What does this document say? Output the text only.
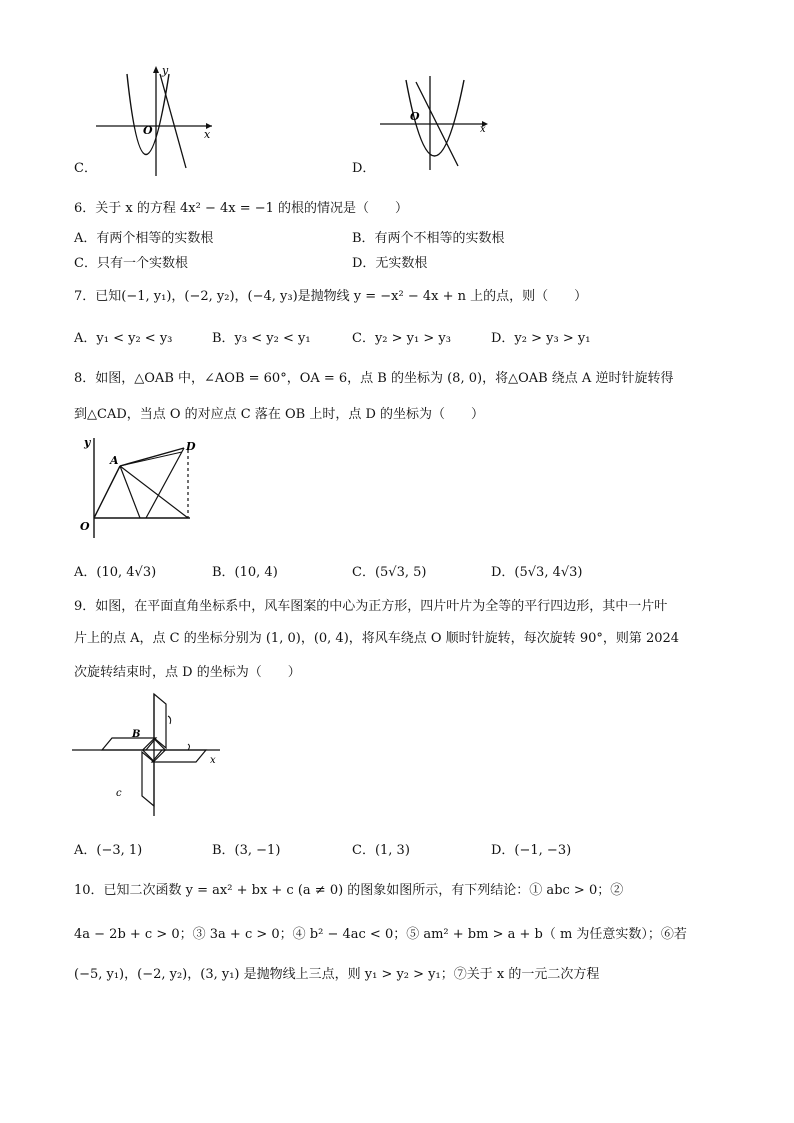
y
x
O
C．
O
x
D．
6．关于 x 的方程 4x² − 4x = −1 的根的情况是（　　）
A．有两个相等的实数根	B．有两个不相等的实数根
C．只有一个实数根	D．无实数根
7．已知(−1, y₁)，(−2, y₂)，(−4, y₃)是抛物线 y = −x² − 4x + n 上的点，则（　　）
A．y₁ < y₂ < y₃	B．y₃ < y₂ < y₁	C．y₂ > y₁ > y₃	D．y₂ > y₃ > y₁
8．如图，△OAB 中，∠AOB = 60°，OA = 6，点 B 的坐标为 (8, 0)，将△OAB 绕点 A 逆时针旋转得
到△CAD，当点 O 的对应点 C 落在 OB 上时，点 D 的坐标为（　　）
y
A
D
O
A．(10, 4√3)	B．(10, 4)	C．(5√3, 5)	D．(5√3, 4√3)
9．如图，在平面直角坐标系中，风车图案的中心为正方形，四片叶片为全等的平行四边形，其中一片叶
片上的点 A，点 C 的坐标分别为 (1, 0)，(0, 4)，将风车绕点 O 顺时针旋转，每次旋转 90°，则第 2024
次旋转结束时，点 D 的坐标为（　　）
B
x
c
A．(−3, 1)	B．(3, −1)	C．(1, 3)	D．(−1, −3)
10．已知二次函数 y = ax² + bx + c (a ≠ 0) 的图象如图所示，有下列结论：① abc > 0；②
4a − 2b + c > 0；③ 3a + c > 0；④ b² − 4ac < 0；⑤ am² + bm > a + b（ m 为任意实数）；⑥若
(−5, y₁)，(−2, y₂)，(3, y₁) 是抛物线上三点，则 y₁ > y₂ > y₁；⑦关于 x 的一元二次方程
